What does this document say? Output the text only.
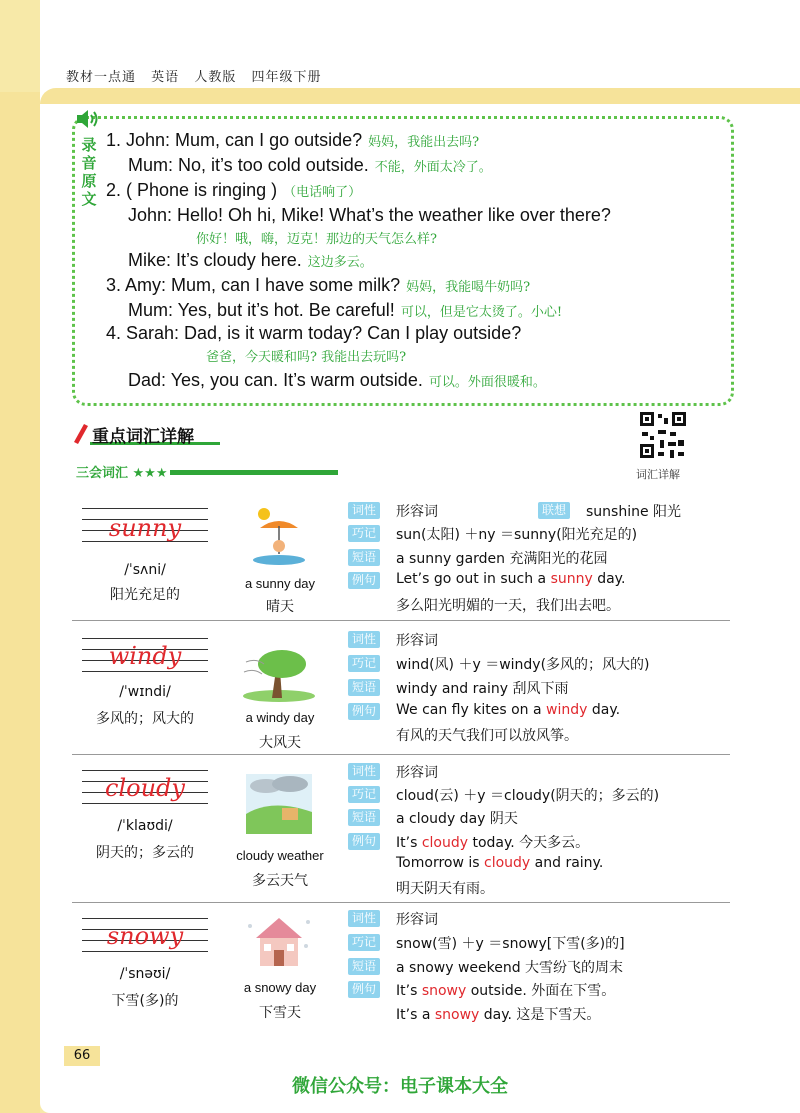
教材一点通 英语 人教版 四年级下册
录
音
原
文
1. John: Mum, can I go outside? 妈妈，我能出去吗?
Mum: No, it’s too cold outside. 不能，外面太冷了。
2. ( Phone is ringing ) （电话响了）
John: Hello! Oh hi, Mike! What’s the weather like over there?
你好！哦，嗨，迈克！那边的天气怎么样?
Mike: It’s cloudy here. 这边多云。
3. Amy: Mum, can I have some milk? 妈妈，我能喝牛奶吗?
Mum: Yes, but it’s hot. Be careful! 可以，但是它太烫了。小心!
4. Sarah: Dad, is it warm today? Can I play outside?
爸爸，今天暖和吗? 我能出去玩吗?
Dad: Yes, you can. It’s warm outside. 可以。外面很暖和。
重点词汇详解
词汇详解
三会词汇 ★★★
sunny
/ˈsʌni/
阳光充足的
a sunny day
晴天
词性 形容词	联想 sunshine 阳光
巧记 sun(太阳) ＋ny ＝sunny(阳光充足的)
短语 a sunny garden 充满阳光的花园
例句 Let’s go out in such a sunny day.
多么阳光明媚的一天，我们出去吧。
windy
/ˈwɪndi/
多风的；风大的	a windy day
大风天
词性 形容词
巧记 wind(风) ＋y ＝windy(多风的；风大的)
短语 windy and rainy 刮风下雨
例句 We can fly kites on a windy day.
有风的天气我们可以放风筝。
cloudy
/ˈklaʊdi/
阴天的；多云的	cloudy weather
多云天气
词性 形容词
巧记 cloud(云) ＋y ＝cloudy(阴天的；多云的)
短语 a cloudy day 阴天
例句 It’s cloudy today. 今天多云。
Tomorrow is cloudy and rainy.
明天阴天有雨。
snowy
/ˈsnəʊi/
下雪(多)的
a snowy day
下雪天
词性 形容词
巧记 snow(雪) ＋y ＝snowy[下雪(多)的]
短语 a snowy weekend 大雪纷飞的周末
例句 It’s snowy outside. 外面在下雪。
It’s a snowy day. 这是下雪天。
66
微信公众号：电子课本大全
